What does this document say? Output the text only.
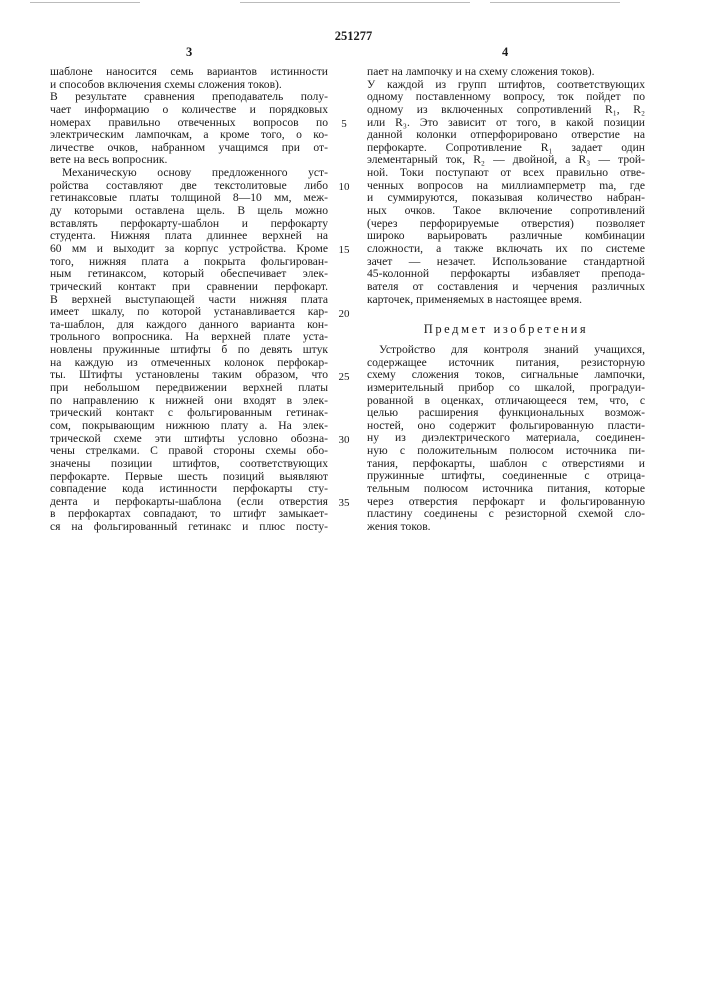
251277
3	4
шаблоне наносится семь вариантов истинности
и способов включения схемы сложения токов).
В результате сравнения преподаватель полу-
чает информацию о количестве и порядковых
номерах правильно отвеченных вопросов по
электрическим лампочкам, а кроме того, о ко-
личестве очков, набранном учащимся при от-
вете на весь вопросник.
Механическую основу предложенного уст-
ройства составляют две текстолитовые либо
гетинаксовые платы толщиной 8—10 мм, меж-
ду которыми оставлена щель. В щель можно
вставлять перфокарту-шаблон и перфокарту
студента. Нижняя плата длиннее верхней на
60 мм и выходит за корпус устройства. Кроме
того, нижняя плата а покрыта фольгирован-
ным гетинаксом, который обеспечивает элек-
трический контакт при сравнении перфокарт.
В верхней выступающей части нижняя плата
имеет шкалу, по которой устанавливается кар-
та-шаблон, для каждого данного варианта кон-
трольного вопросника. На верхней плате уста-
новлены пружинные штифты б по девять штук
на каждую из отмеченных колонок перфокар-
ты. Штифты установлены таким образом, что
при небольшом передвижении верхней платы
по направлению к нижней они входят в элек-
трический контакт с фольгированным гетинак-
сом, покрывающим нижнюю плату а. На элек-
трической схеме эти штифты условно обозна-
чены стрелками. С правой стороны схемы обо-
значены позиции штифтов, соответствующих
перфокарте. Первые шесть позиций выявляют
совпадение кода истинности перфокарты сту-
дента и перфокарты-шаблона (если отверстия
в перфокартах совпадают, то штифт замыкает-
ся на фольгированный гетинакс и плюс посту-
пает на лампочку и на схему сложения токов).
У каждой из групп штифтов, соответствующих
одному поставленному вопросу, ток пойдет по
одному из включенных сопротивлений R₁, R₂
или R₃. Это зависит от того, в какой позиции
данной колонки отперфорировано отверстие на
перфокарте. Сопротивление R₁ задает один
элементарный ток, R₂ — двойной, а R₃ — трой-
ной. Токи поступают от всех правильно отве-
ченных вопросов на миллиамперметр ma, где
и суммируются, показывая количество набран-
ных очков. Такое включение сопротивлений
(через перфорируемые отверстия) позволяет
широко варьировать различные комбинации
сложности, а также включать их по системе
зачет — незачет. Использование стандартной
45-колонной перфокарты избавляет препода-
вателя от составления и черчения различных
карточек, применяемых в настоящее время.
Предмет изобретения
Устройство для контроля знаний учащихся,
содержащее источник питания, резисторную
схему сложения токов, сигнальные лампочки,
измерительный прибор со шкалой, проградуи-
рованной в оценках, отличающееся тем, что, с
целью расширения функциональных возмож-
ностей, оно содержит фольгированную пласти-
ну из диэлектрического материала, соединен-
ную с положительным полюсом источника пи-
тания, перфокарты, шаблон с отверстиями и
пружинные штифты, соединенные с отрица-
тельным полюсом источника питания, которые
через отверстия перфокарт и фольгированную
пластину соединены с резисторной схемой сло-
жения токов.
5
10
15
20
25
30
35
